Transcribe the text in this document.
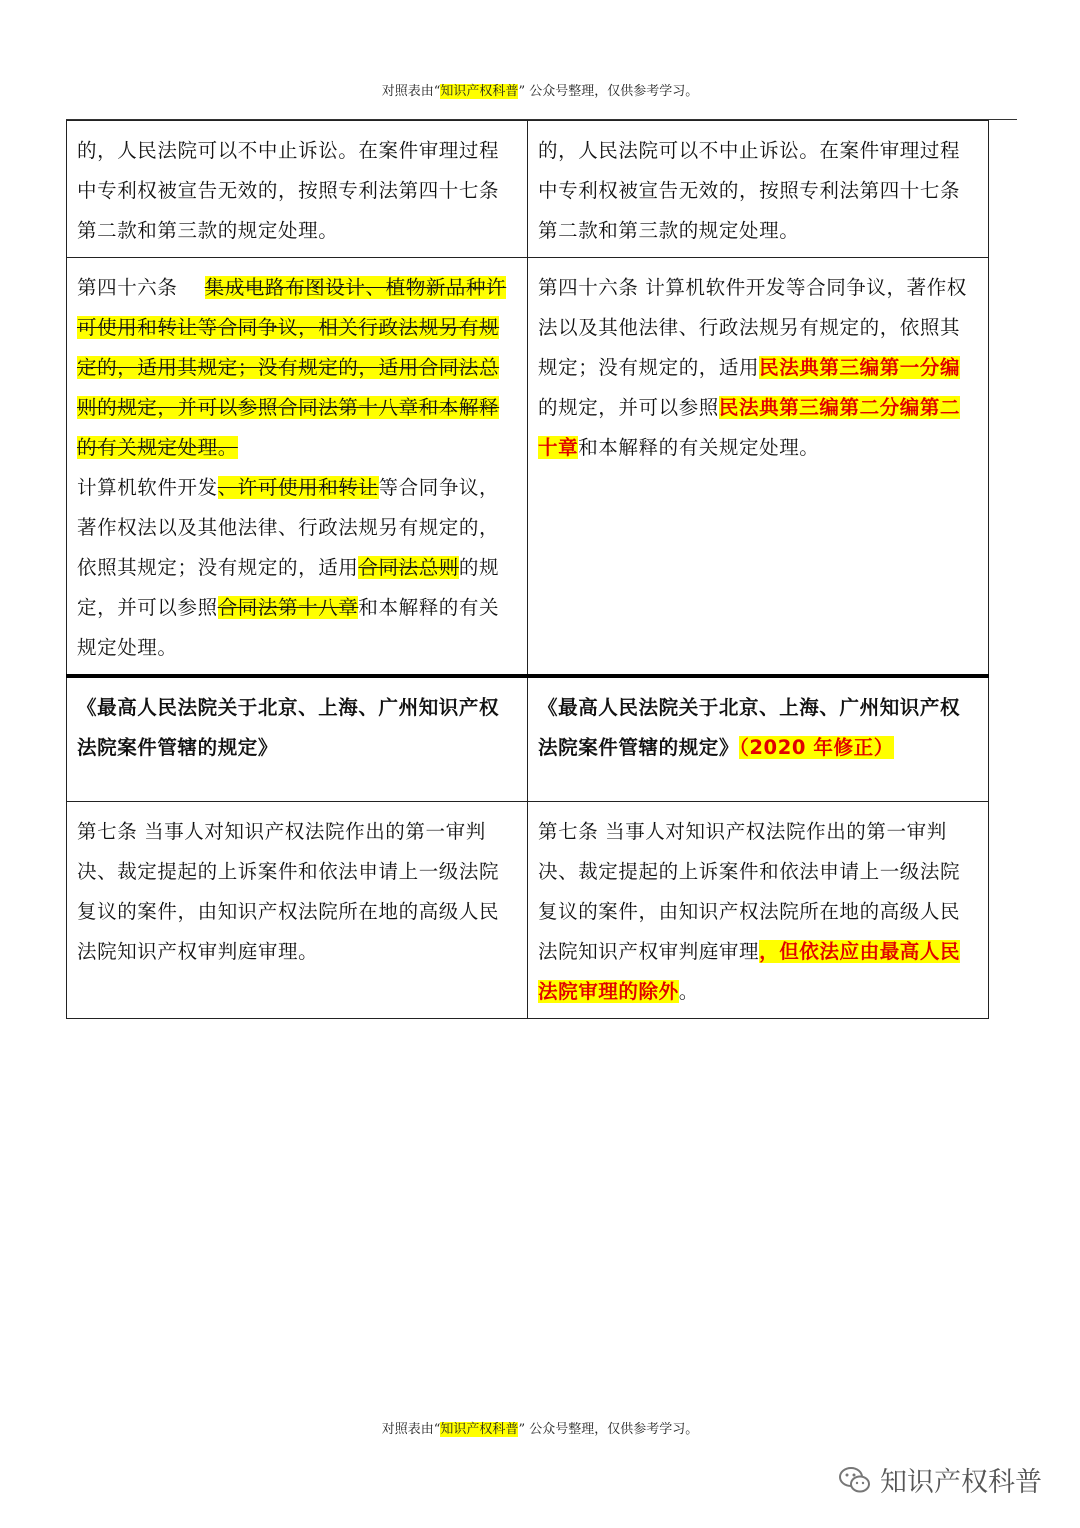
对照表由“知识产权科普” 公众号整理，仅供参考学习。
的，人民法院可以不中止诉讼。在案件审理过程中专利权被宣告无效的，按照专利法第四十七条第二款和第三款的规定处理。	的，人民法院可以不中止诉讼。在案件审理过程中专利权被宣告无效的，按照专利法第四十七条第二款和第三款的规定处理。
第四十六条 集成电路布图设计、植物新品种许可使用和转让等合同争议，相关行政法规另有规定的，适用其规定；没有规定的，适用合同法总则的规定，并可以参照合同法第十八章和本解释的有关规定处理。
计算机软件开发、许可使用和转让等合同争议，著作权法以及其他法律、行政法规另有规定的，依照其规定；没有规定的，适用合同法总则的规定，并可以参照合同法第十八章和本解释的有关规定处理。	第四十六条 计算机软件开发等合同争议，著作权法以及其他法律、行政法规另有规定的，依照其规定；没有规定的，适用民法典第三编第一分编的规定，并可以参照民法典第三编第二分编第二十章和本解释的有关规定处理。
《最高人民法院关于北京、上海、广州知识产权法院案件管辖的规定》	《最高人民法院关于北京、上海、广州知识产权法院案件管辖的规定》（2020 年修正）
第七条 当事人对知识产权法院作出的第一审判决、裁定提起的上诉案件和依法申请上一级法院复议的案件，由知识产权法院所在地的高级人民法院知识产权审判庭审理。	第七条 当事人对知识产权法院作出的第一审判决、裁定提起的上诉案件和依法申请上一级法院复议的案件，由知识产权法院所在地的高级人民法院知识产权审判庭审理，但依法应由最高人民法院审理的除外。
对照表由“知识产权科普” 公众号整理，仅供参考学习。
知识产权科普
